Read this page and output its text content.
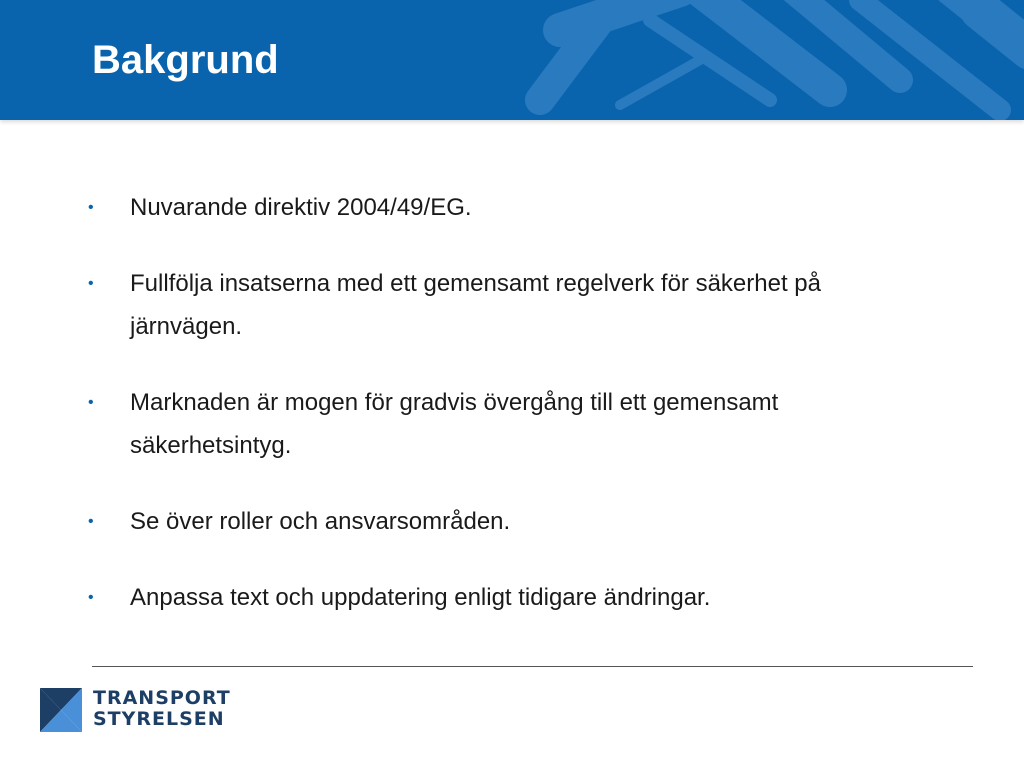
Bakgrund
• Nuvarande direktiv 2004/49/EG.
• Fullfölja insatserna med ett gemensamt regelverk för säkerhet på järnvägen.
• Marknaden är mogen för gradvis övergång till ett gemensamt säkerhetsintyg.
• Se över roller och ansvarsområden.
• Anpassa text och uppdatering enligt tidigare ändringar.
TRANSPORT
STYRELSEN
